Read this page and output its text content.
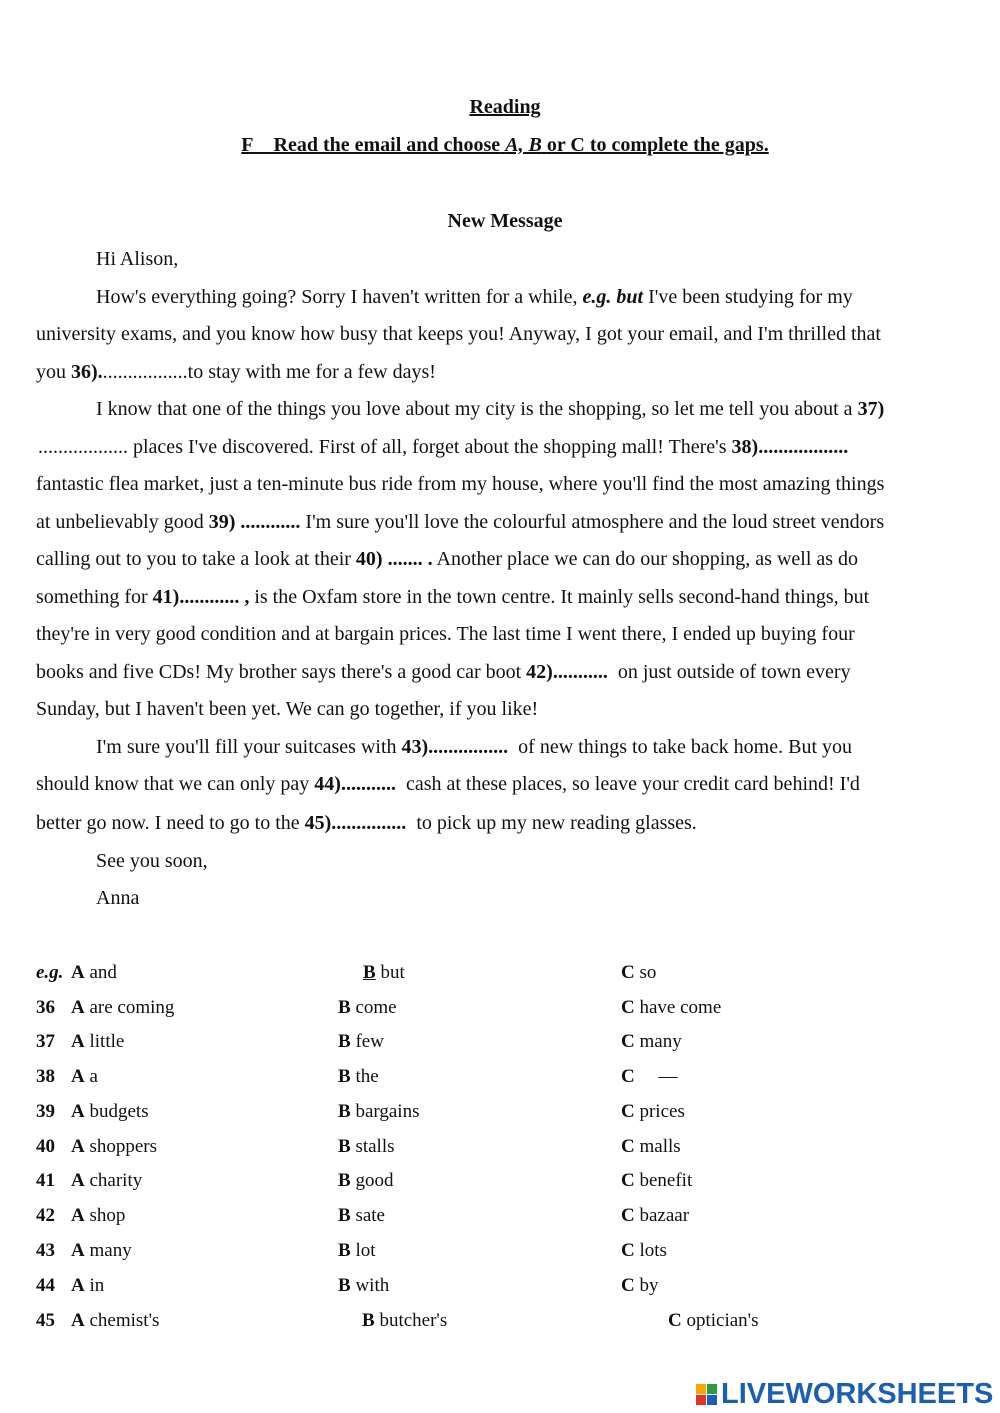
Reading
F Read the email and choose A, B or C to complete the gaps.
New Message
Hi Alison,
How's everything going? Sorry I haven't written for a while, e.g. but I've been studying for my
university exams, and you know how busy that keeps you! Anyway, I got your email, and I'm thrilled that
you 36)..................to stay with me for a few days!
I know that one of the things you love about my city is the shopping, so let me tell you about a 37)
.................. places I've discovered. First of all, forget about the shopping mall! There's 38)..................
fantastic flea market, just a ten-minute bus ride from my house, where you'll find the most amazing things
at unbelievably good 39) ............ I'm sure you'll love the colourful atmosphere and the loud street vendors
calling out to you to take a look at their 40) ....... . Another place we can do our shopping, as well as do
something for 41)............ , is the Oxfam store in the town centre. It mainly sells second-hand things, but
they're in very good condition and at bargain prices. The last time I went there, I ended up buying four
books and five CDs! My brother says there's a good car boot 42)........... on just outside of town every
Sunday, but I haven't been yet. We can go together, if you like!
I'm sure you'll fill your suitcases with 43)................ of new things to take back home. But you
should know that we can only pay 44)........... cash at these places, so leave your credit card behind! I'd
better go now. I need to go to the 45)............... to pick up my new reading glasses.
See you soon,
Anna
e.g. A and	B but	C so
36 A are coming	B come	C have come
37 A little	B few	C many
38 A a	B the	C     —
39 A budgets	B bargains	C prices
40 A shoppers	B stalls	C malls
41 A charity	B good	C benefit
42 A shop	B sate	C bazaar
43 A many	B lot	C lots
44 A in	B with	C by
45 A chemist's	B butcher's	C optician's
LIVEWORKSHEETS
